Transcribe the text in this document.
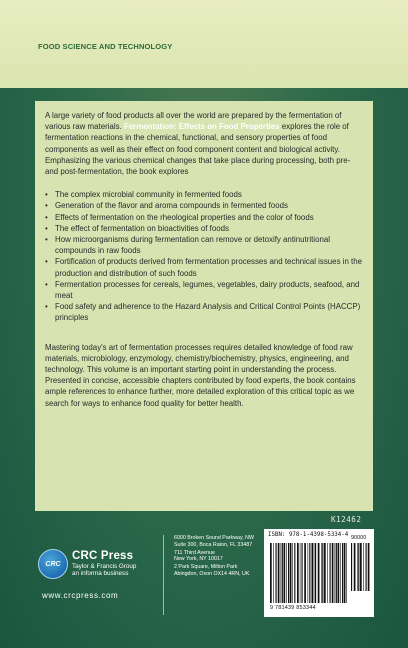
FOOD SCIENCE AND TECHNOLOGY

A large variety of food products all over the world are prepared by the fermentation of various raw materials. Fermentation: Effects on Food Properties explores the role of fermentation reactions in the chemical, functional, and sensory properties of food components as well as their effect on food component content and biological activity. Emphasizing the various chemical changes that take place during processing, both pre- and post-fermentation, the book explores

• The complex microbial community in fermented foods
• Generation of the flavor and aroma compounds in fermented foods
• Effects of fermentation on the rheological properties and the color of foods
• The effect of fermentation on bioactivities of foods
• How microorganisms during fermentation can remove or detoxify antinutritional compounds in raw foods
• Fortification of products derived from fermentation processes and technical issues in the production and distribution of such foods
• Fermentation processes for cereals, legumes, vegetables, dairy products, seafood, and meat
• Food safety and adherence to the Hazard Analysis and Critical Control Points (HACCP) principles

Mastering today's art of fermentation processes requires detailed knowledge of food raw materials, microbiology, enzymology, chemistry/biochemistry, physics, engineering, and technology. This volume is an important starting point in understanding the process. Presented in concise, accessible chapters contributed by food experts, the book contains ample references to enhance further, more detailed exploration of this critical topic as we search for ways to enhance food quality for better health.

K12462
CRC
CRC Press
Taylor & Francis Group
an informa business
www.crcpress.com
6000 Broken Sound Parkway, NW
Suite 300, Boca Raton, FL 33487
711 Third Avenue
New York, NY 10017
2 Park Square, Milton Park
Abingdon, Oxon OX14 4RN, UK
ISBN: 978-1-4398-5334-4 90000
9 781439 853344
